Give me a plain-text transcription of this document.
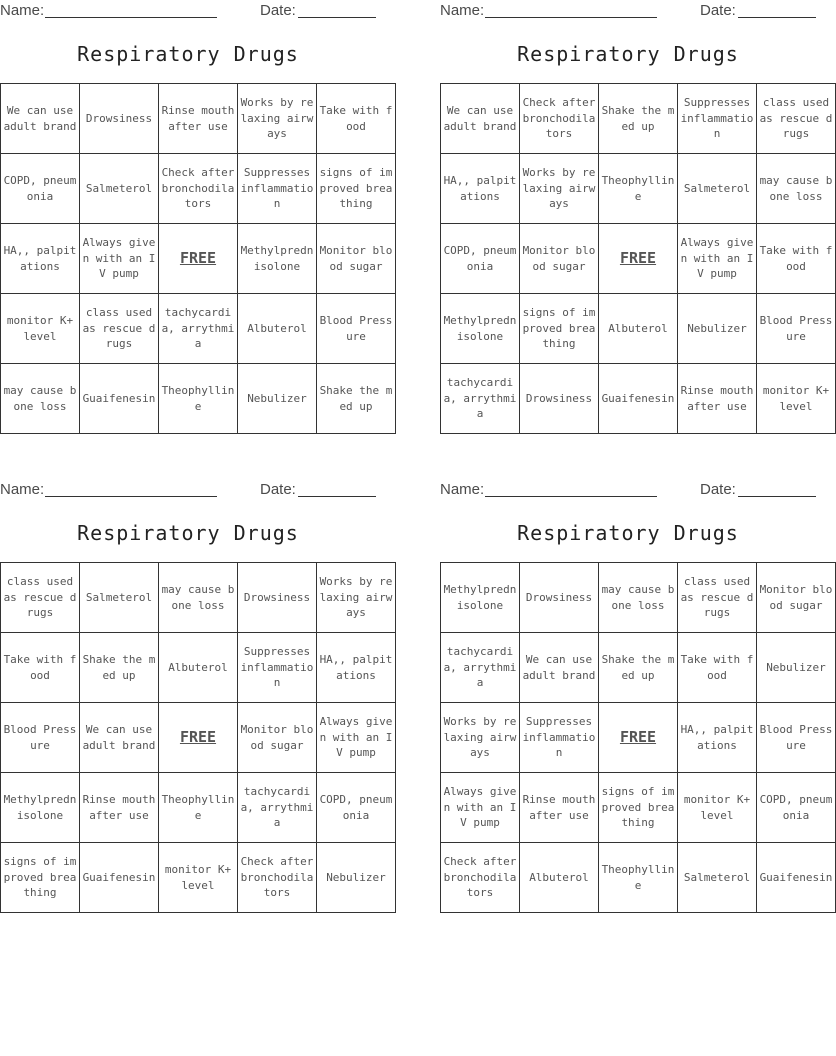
Name:	Date:
Respiratory Drugs
We can use adult brand	Drowsiness	Rinse mouth after use	Works by relaxing airways	Take with food
COPD, pneumonia	Salmeterol	Check after bronchodilators	Suppresses inflammation	signs of improved breathing
HA,, palpitations	Always given with an IV pump	FREE	Methylprednisolone	Monitor blood sugar
monitor K+ level	class used as rescue drugs	tachycardia, arrythmia	Albuterol	Blood Pressure
may cause bone loss	Guaifenesin	Theophylline	Nebulizer	Shake the med up
Name:	Date:
Respiratory Drugs
We can use adult brand	Check after bronchodilators	Shake the med up	Suppresses inflammation	class used as rescue drugs
HA,, palpitations	Works by relaxing airways	Theophylline	Salmeterol	may cause bone loss
COPD, pneumonia	Monitor blood sugar	FREE	Always given with an IV pump	Take with food
Methylprednisolone	signs of improved breathing	Albuterol	Nebulizer	Blood Pressure
tachycardia, arrythmia	Drowsiness	Guaifenesin	Rinse mouth after use	monitor K+ level
Name:	Date:
Respiratory Drugs
class used as rescue drugs	Salmeterol	may cause bone loss	Drowsiness	Works by relaxing airways
Take with food	Shake the med up	Albuterol	Suppresses inflammation	HA,, palpitations
Blood Pressure	We can use adult brand	FREE	Monitor blood sugar	Always given with an IV pump
Methylprednisolone	Rinse mouth after use	Theophylline	tachycardia, arrythmia	COPD, pneumonia
signs of improved breathing	Guaifenesin	monitor K+ level	Check after bronchodilators	Nebulizer
Name:	Date:
Respiratory Drugs
Methylprednisolone	Drowsiness	may cause bone loss	class used as rescue drugs	Monitor blood sugar
tachycardia, arrythmia	We can use adult brand	Shake the med up	Take with food	Nebulizer
Works by relaxing airways	Suppresses inflammation	FREE	HA,, palpitations	Blood Pressure
Always given with an IV pump	Rinse mouth after use	signs of improved breathing	monitor K+ level	COPD, pneumonia
Check after bronchodilators	Albuterol	Theophylline	Salmeterol	Guaifenesin
